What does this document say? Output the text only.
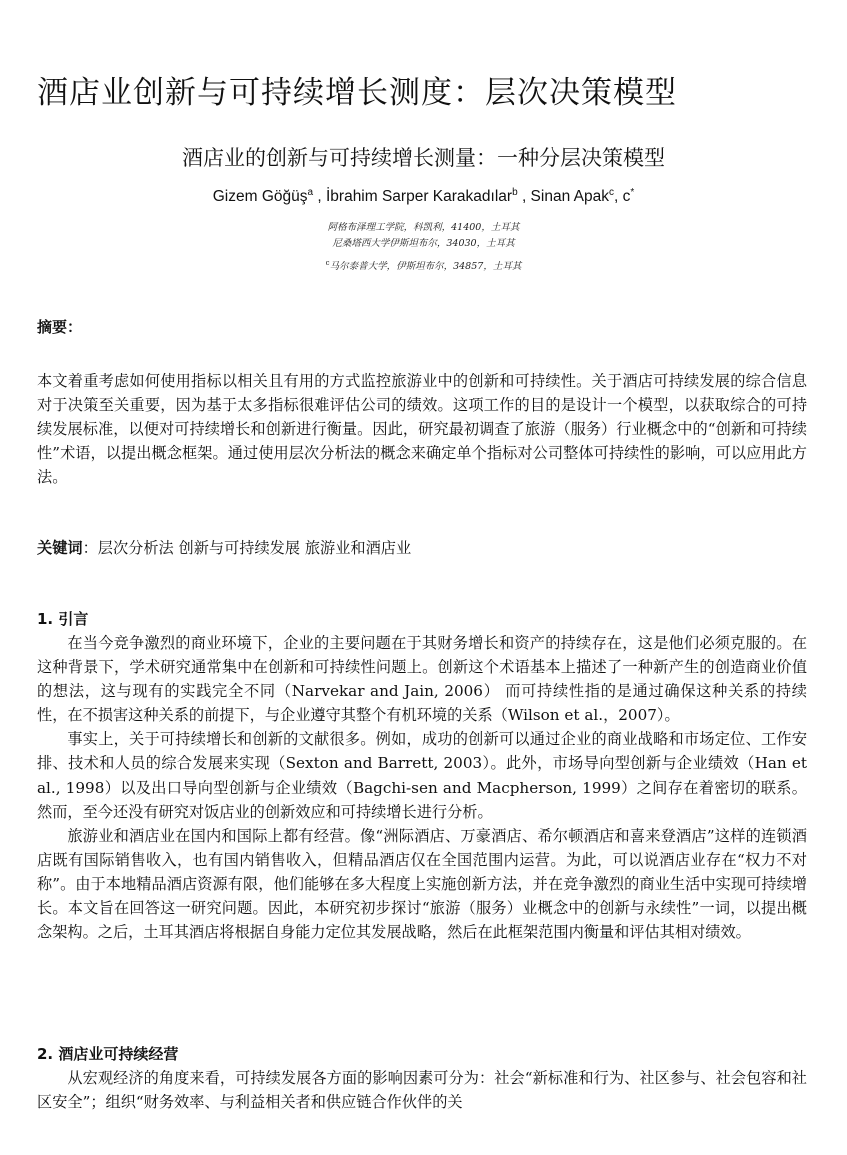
酒店业创新与可持续增长测度：层次决策模型
酒店业的创新与可持续增长测量：一种分层决策模型
Gizem Göğüş$^a$ , İbrahim Sarper Karakadılar$^b$ , Sinan Apak$^c$, c*
阿格布泽理工学院，科凯利，41400，土耳其
尼桑塔西大学伊斯坦布尔，34030，土耳其
$^c$马尔泰普大学，伊斯坦布尔，34857，土耳其
摘要：
本文着重考虑如何使用指标以相关且有用的方式监控旅游业中的创新和可持续性。关于酒店可持续发展的综合信息对于决策至关重要，因为基于太多指标很难评估公司的绩效。这项工作的目的是设计一个模型，以获取综合的可持续发展标准，以便对可持续增长和创新进行衡量。因此，研究最初调查了旅游（服务）行业概念中的“创新和可持续性”术语，以提出概念框架。通过使用层次分析法的概念来确定单个指标对公司整体可持续性的影响，可以应用此方法。
关键词：层次分析法 创新与可持续发展 旅游业和酒店业
1. 引言

在当今竞争激烈的商业环境下，企业的主要问题在于其财务增长和资产的持续存在，这是他们必须克服的。在这种背景下，学术研究通常集中在创新和可持续性问题上。创新这个术语基本上描述了一种新产生的创造商业价值的想法，这与现有的实践完全不同（Narvekar and Jain, 2006） 而可持续性指的是通过确保这种关系的持续性，在不损害这种关系的前提下，与企业遵守其整个有机环境的关系（Wilson et al.，2007）。

事实上，关于可持续增长和创新的文献很多。例如，成功的创新可以通过企业的商业战略和市场定位、工作安排、技术和人员的综合发展来实现（Sexton and Barrett, 2003）。此外，市场导向型创新与企业绩效（Han et al., 1998）以及出口导向型创新与企业绩效（Bagchi-sen and Macpherson, 1999）之间存在着密切的联系。然而，至今还没有研究对饭店业的创新效应和可持续增长进行分析。

旅游业和酒店业在国内和国际上都有经营。像“洲际酒店、万豪酒店、希尔顿酒店和喜来登酒店”这样的连锁酒店既有国际销售收入，也有国内销售收入，但精品酒店仅在全国范围内运营。为此，可以说酒店业存在“权力不对称”。由于本地精品酒店资源有限，他们能够在多大程度上实施创新方法，并在竞争激烈的商业生活中实现可持续增长。本文旨在回答这一研究问题。因此，本研究初步探讨“旅游（服务）业概念中的创新与永续性”一词，以提出概念架构。之后，土耳其酒店将根据自身能力定位其发展战略，然后在此框架范围内衡量和评估其相对绩效。

2. 酒店业可持续经营

从宏观经济的角度来看，可持续发展各方面的影响因素可分为：社会“新标准和行为、社区参与、社会包容和社区安全”；组织“财务效率、与利益相关者和供应链合作伙伴的关
